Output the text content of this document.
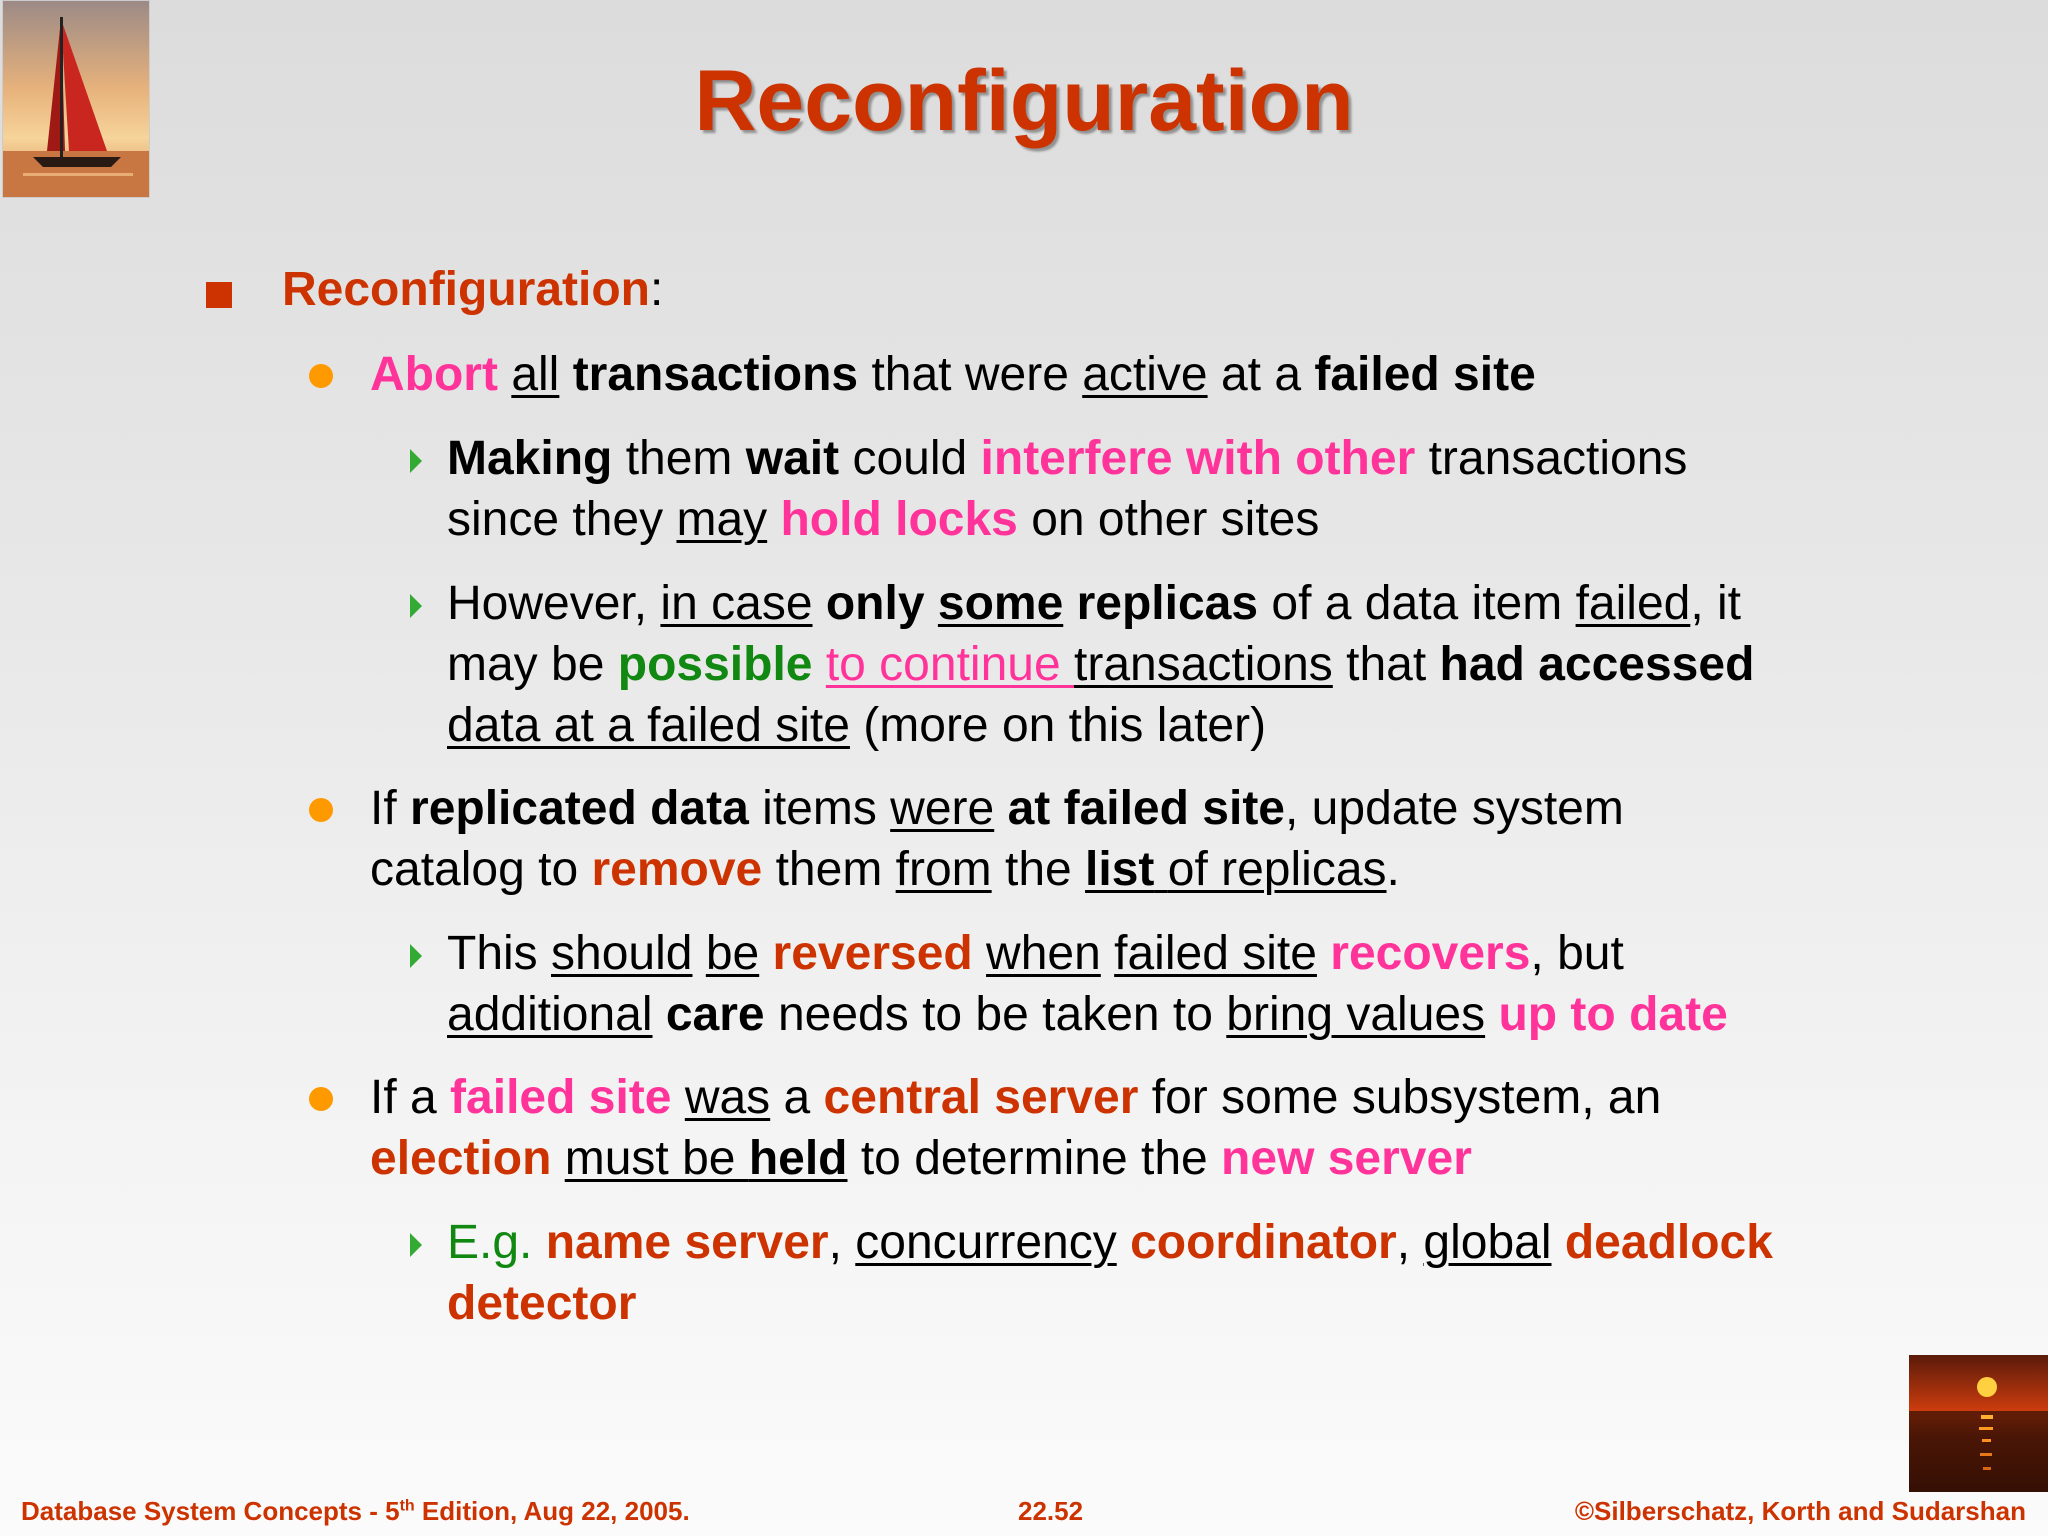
Reconfiguration
Reconfiguration:
Abort all transactions that were active at a failed site
Making them wait could interfere with other transactions
since they may hold locks on other sites
However, in case only some replicas of a data item failed, it
may be possible to continue transactions that had accessed
data at a failed site (more on this later)
If replicated data items were at failed site, update system
catalog to remove them from the list of replicas.
This should be reversed when failed site recovers, but
additional care needs to be taken to bring values up to date
If a failed site was a central server for some subsystem, an
election must be held to determine the new server
E.g. name server, concurrency coordinator, global deadlock
detector
Database System Concepts - 5th Edition, Aug 22, 2005.	22.52	©Silberschatz, Korth and Sudarshan
